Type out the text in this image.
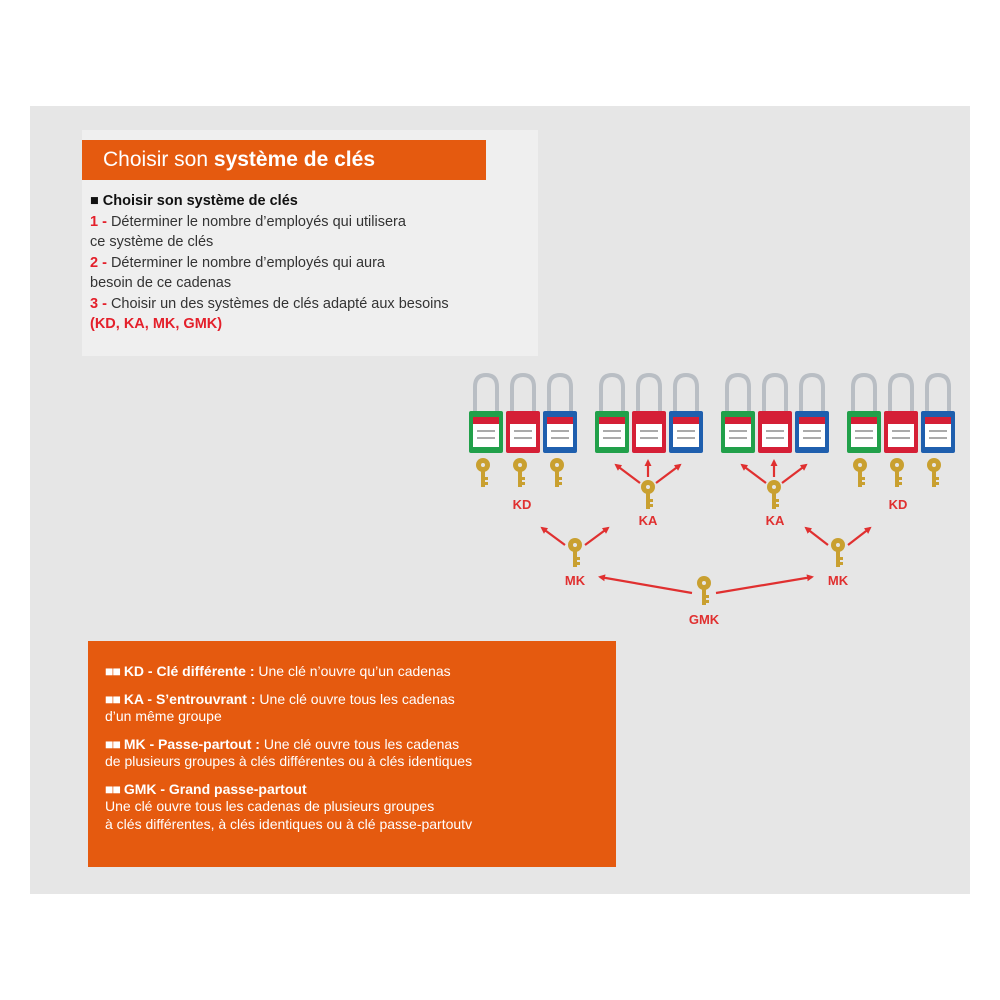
Choisir son système de clés
■ Choisir son système de clés
1 - Déterminer le nombre d’employés qui utilisera
ce système de clés
2 - Déterminer le nombre d’employés qui aura
besoin de ce cadenas
3 - Choisir un des systèmes de clés adapté aux besoins
(KD, KA, MK, GMK)
KD
KA	KA
KD
MK	MK
GMK
■■ KD - Clé différente : Une clé n’ouvre qu’un cadenas
■■ KA - S’entrouvrant : Une clé ouvre tous les cadenas
d’un même groupe
■■ MK - Passe-partout : Une clé ouvre tous les cadenas
de plusieurs groupes à clés différentes ou à clés identiques
■■ GMK - Grand passe-partout
Une clé ouvre tous les cadenas de plusieurs groupes
à clés différentes, à clés identiques ou à clé passe-partoutv
